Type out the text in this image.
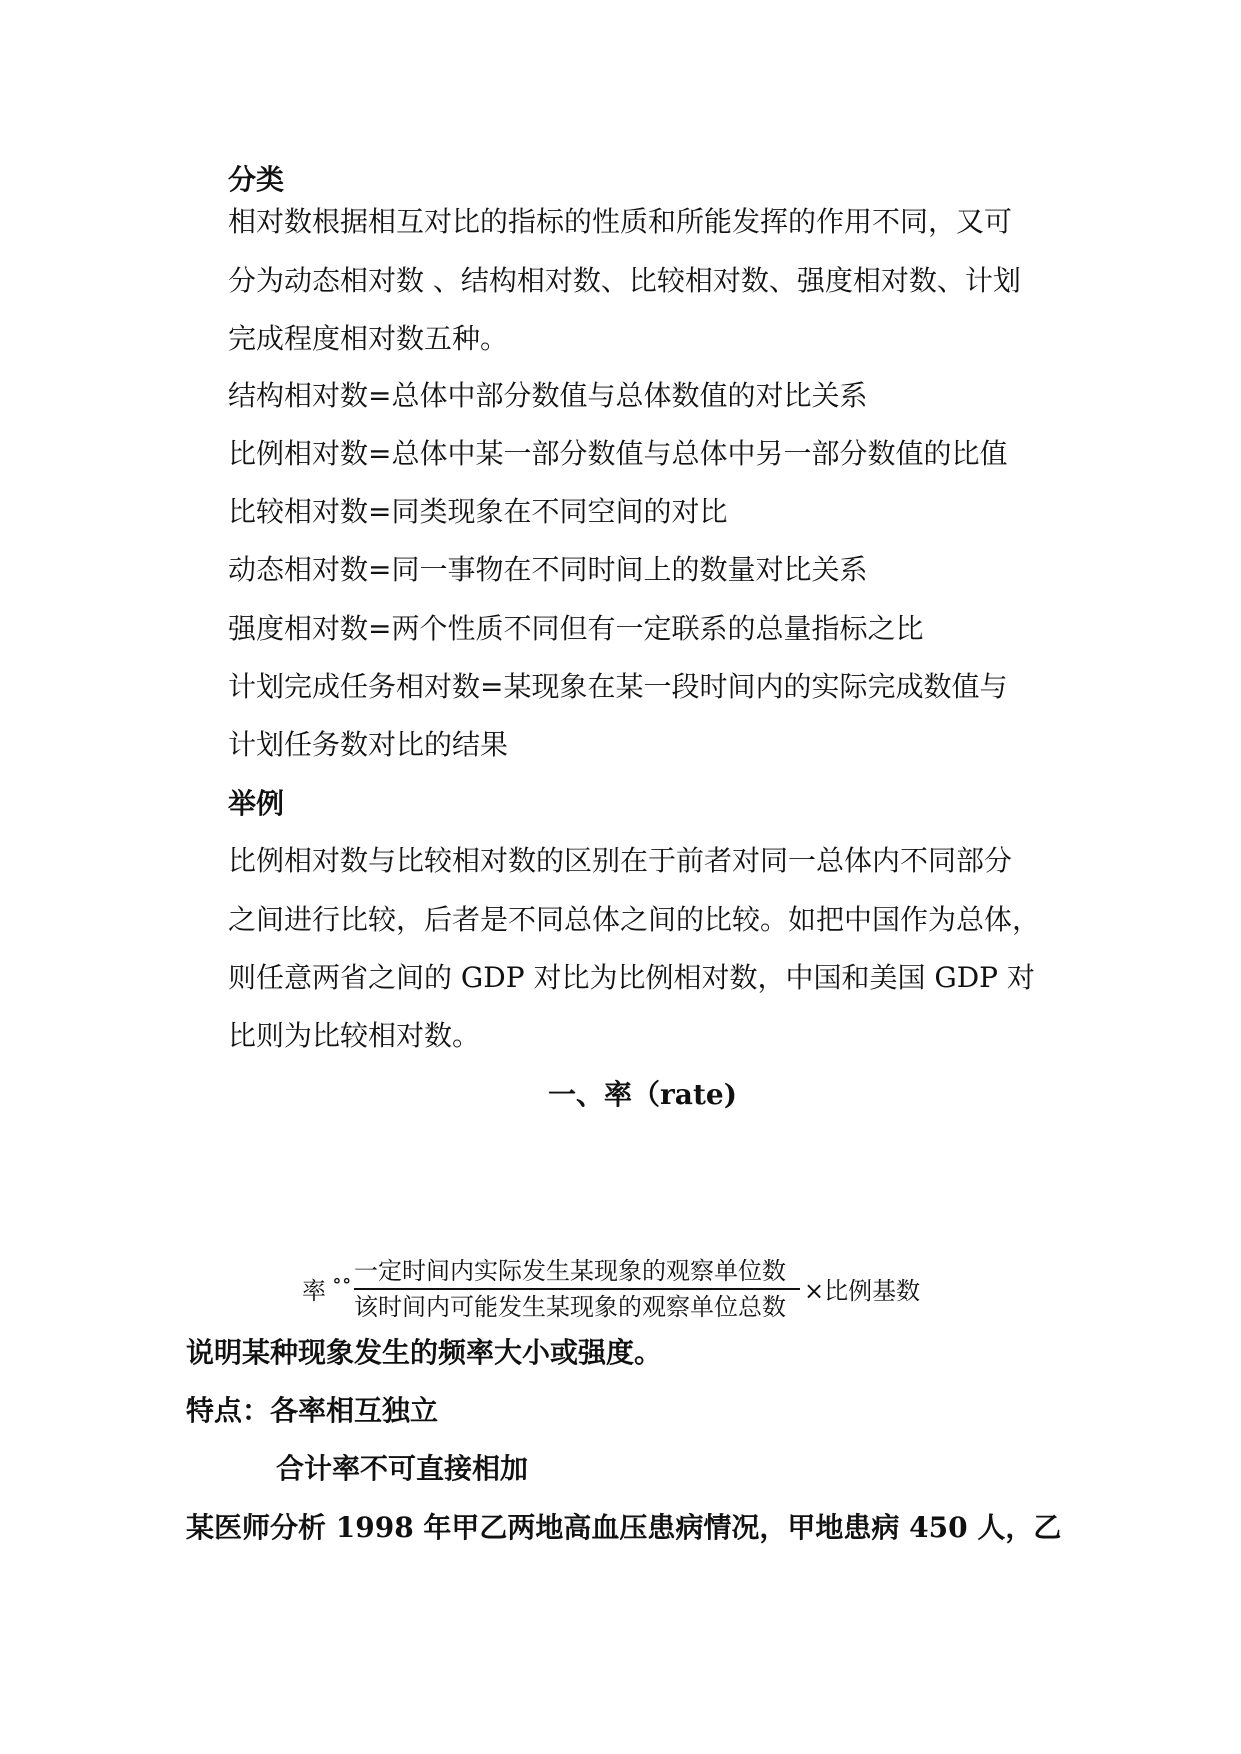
分类
相对数根据相互对比的指标的性质和所能发挥的作用不同，又可
分为动态相对数 、结构相对数、比较相对数、强度相对数、计划
完成程度相对数五种。
结构相对数=总体中部分数值与总体数值的对比关系
比例相对数=总体中某一部分数值与总体中另一部分数值的比值
比较相对数=同类现象在不同空间的对比
动态相对数=同一事物在不同时间上的数量对比关系
强度相对数=两个性质不同但有一定联系的总量指标之比
计划完成任务相对数=某现象在某一段时间内的实际完成数值与
计划任务数对比的结果
举例
比例相对数与比较相对数的区别在于前者对同一总体内不同部分
之间进行比较，后者是不同总体之间的比较。如把中国作为总体，
则任意两省之间的 GDP 对比为比例相对数，中国和美国 GDP 对
比则为比较相对数。
一、率（rate)
率 ∘∘ 一定时间内实际发生某现象的观察单位数
该时间内可能发生某现象的观察单位总数
×比例基数
说明某种现象发生的频率大小或强度。
特点：各率相互独立
合计率不可直接相加
某医师分析 1998 年甲乙两地高血压患病情况，甲地患病 450 人，乙
